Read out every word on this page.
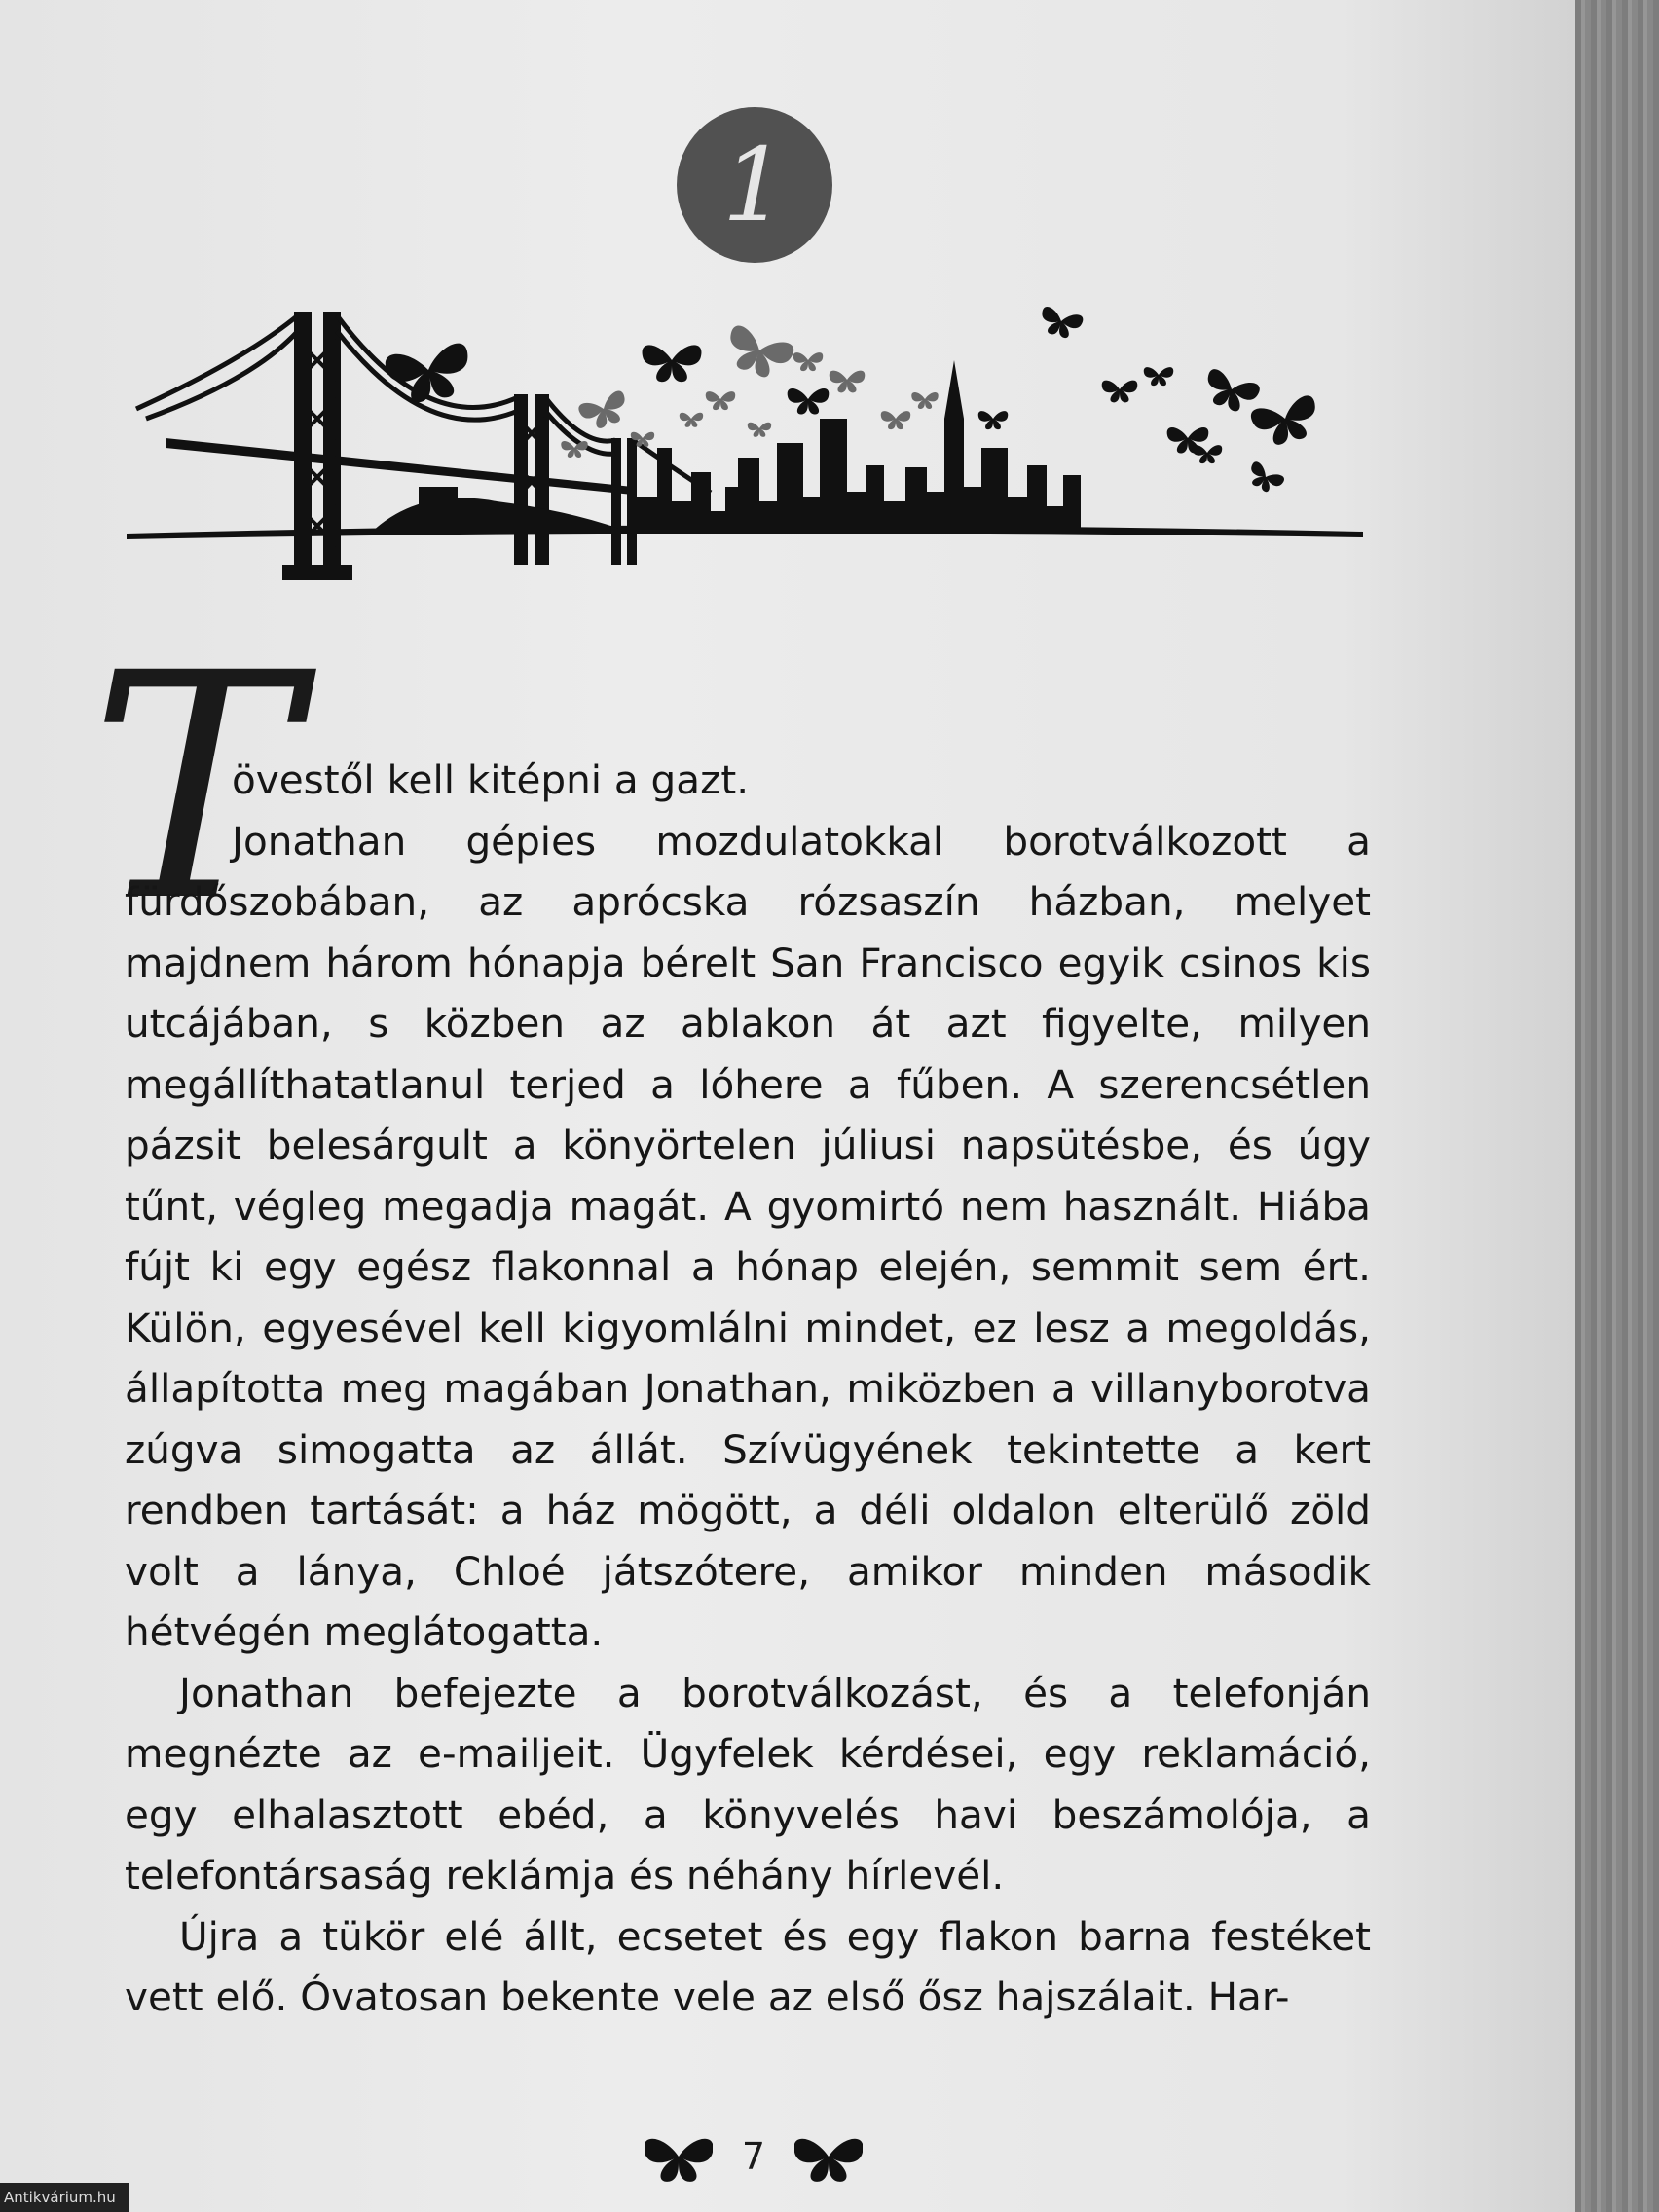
1
T

övestől kell kitépni a gazt.

Jonathan gépies mozdulatokkal borotválkozott a fürdőszobában, az aprócska rózsaszín házban, melyet majdnem három hónapja bérelt San Francisco egyik csinos kis utcájában, s közben az ablakon át azt figyelte, milyen megállíthatatlanul terjed a lóhere a fűben. A szerencsétlen pázsit belesárgult a könyörtelen júliusi napsütésbe, és úgy tűnt, végleg megadja magát. A gyomirtó nem használt. Hiába fújt ki egy egész flakonnal a hónap elején, semmit sem ért. Külön, egyesével kell kigyomlálni mindet, ez lesz a megoldás, állapította meg magában Jonathan, miközben a villanyborotva zúgva simogatta az állát. Szívügyének tekintette a kert rendben tartását: a ház mögött, a déli oldalon elterülő zöld volt a lánya, Chloé játszótere, amikor minden második hétvégén meglátogatta.

Jonathan befejezte a borotválkozást, és a telefonján megnézte az e-mailjeit. Ügyfelek kérdései, egy reklamáció, egy elhalasztott ebéd, a könyvelés havi beszámolója, a telefontársaság reklámja és néhány hírlevél.

Újra a tükör elé állt, ecsetet és egy flakon barna festéket vett elő. Óvatosan bekente vele az első ősz hajszálait. Har-

7
Antikvárium.hu
